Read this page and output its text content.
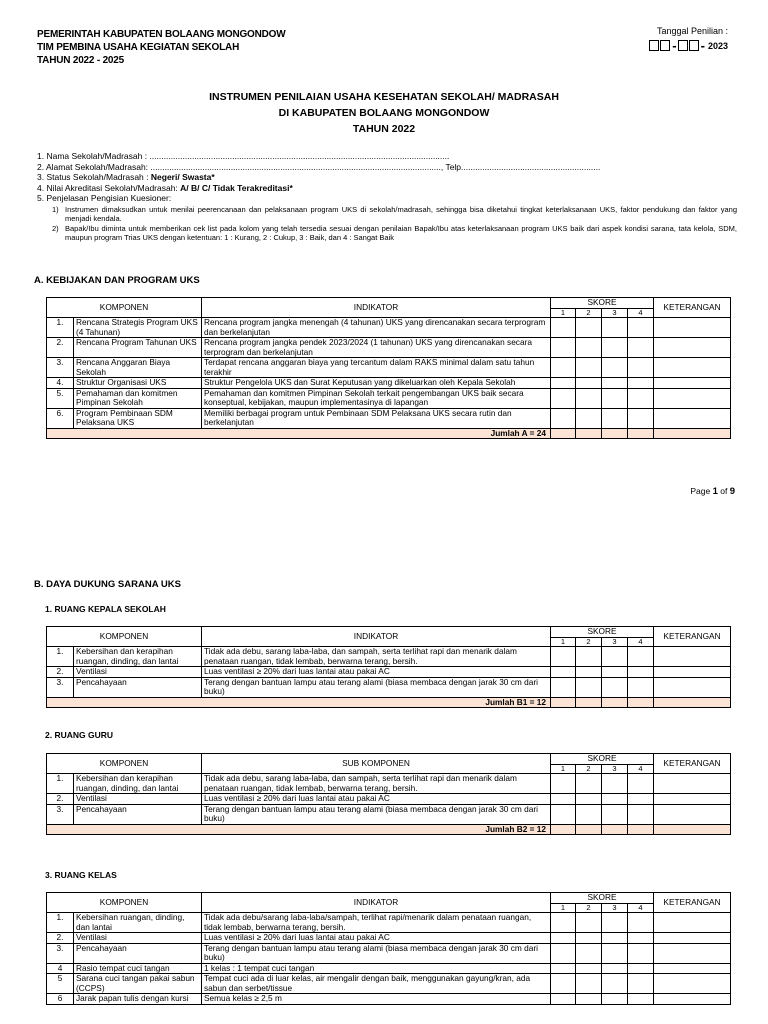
PEMERINTAH KABUPATEN BOLAANG MONGONDOW
TIM PEMBINA USAHA KEGIATAN SEKOLAH
TAHUN 2022 - 2025
Tanggal Penilian :
- - 2023
INSTRUMEN PENILAIAN USAHA KESEHATAN SEKOLAH/ MADRASAH
DI KABUPATEN BOLAANG MONGONDOW
TAHUN 2022
1. Nama Sekolah/Madrasah : ...............................................................................................................................
2. Alamat Sekolah/Madrasah: ..........................................................................................................................., Telp...........................................................
3. Status Sekolah/Madrasah : Negeri/ Swasta*
4. Nilai Akreditasi Sekolah/Madrasah: A/ B/ C/ Tidak Terakreditasi*
5. Penjelasan Pengisian Kuesioner:
1) Instrumen dimaksudkan untuk menilai peerencanaan dan pelaksanaan program UKS di sekolah/madrasah, sehingga bisa diketahui tingkat keterlaksanaan UKS, faktor pendukung dan faktor yang menjadi kendala.
2) Bapak/Ibu diminta untuk memberikan cek list pada kolom yang telah tersedia sesuai dengan penilaian Bapak/Ibu atas keterlaksanaan program UKS baik dari aspek kondisi sarana, tata kelola, SDM, maupun program Trias UKS dengan ketentuan: 1 : Kurang, 2 : Cukup, 3 : Baik, dan 4 : Sangat Baik
A. KEBIJAKAN DAN PROGRAM UKS
KOMPONEN		INDIKATOR	SKORE				KETERANGAN
			1	2	3	4	
1.	Rencana Strategis Program UKS (4 Tahunan)	Rencana program jangka menengah (4 tahunan) UKS yang direncanakan secara terprogram dan berkelanjutan					
2.	Rencana Program Tahunan UKS	Rencana program jangka pendek 2023/2024 (1 tahunan) UKS yang direncanakan secara terprogram dan berkelanjutan					
3.	Rencana Anggaran Biaya Sekolah	Terdapat rencana anggaran biaya yang tercantum dalam RAKS minimal dalam satu tahun terakhir					
4.	Struktur Organisasi UKS	Struktur Pengelola UKS dan Surat Keputusan yang dikeluarkan oleh Kepala Sekolah					
5.	Pemahaman dan komitmen Pimpinan Sekolah	Pemahaman dan komitmen Pimpinan Sekolah terkait pengembangan UKS baik secara konseptual, kebijakan, maupun implementasinya di lapangan					
6.	Program Pembinaan SDM Pelaksana UKS	Memiliki berbagai program untuk Pembinaan SDM Pelaksana UKS secara rutin dan berkelanjutan					
Jumlah A = 24							
Page 1 of 9
B. DAYA DUKUNG SARANA UKS
1. RUANG KEPALA SEKOLAH
KOMPONEN		INDIKATOR	SKORE				KETERANGAN
			1	2	3	4	
1.	Kebersihan dan kerapihan ruangan, dinding, dan lantai	Tidak ada debu, sarang laba-laba, dan sampah, serta terlihat rapi dan menarik dalam penataan ruangan, tidak lembab, berwarna terang, bersih.					
2.	Ventilasi	Luas ventilasi ≥ 20% dari luas lantai atau pakai AC					
3.	Pencahayaan	Terang dengan bantuan lampu atau terang alami (biasa membaca dengan jarak 30 cm dari buku)					
Jumlah B1 = 12							
2. RUANG GURU
KOMPONEN		SUB KOMPONEN	SKORE				KETERANGAN
			1	2	3	4	
1.	Kebersihan dan kerapihan ruangan, dinding, dan lantai	Tidak ada debu, sarang laba-laba, dan sampah, serta terlihat rapi dan menarik dalam penataan ruangan, tidak lembab, berwarna terang, bersih.					
2.	Ventilasi	Luas ventilasi ≥ 20% dari luas lantai atau pakai AC					
3.	Pencahayaan	Terang dengan bantuan lampu atau terang alami (biasa membaca dengan jarak 30 cm dari buku)					
Jumlah B2 = 12							
3. RUANG KELAS
KOMPONEN		INDIKATOR	SKORE				KETERANGAN
			1	2	3	4	
1.	Kebersihan ruangan, dinding, dan lantai	Tidak ada debu/sarang laba-laba/sampah, terlihat rapi/menarik dalam penataan ruangan, tidak lembab, berwarna terang, bersih.					
2.	Ventilasi	Luas ventilasi ≥ 20% dari luas lantai atau pakai AC					
3.	Pencahayaan	Terang dengan bantuan lampu atau terang alami (biasa membaca dengan jarak 30 cm dari buku)					
4	Rasio tempat cuci tangan	1 kelas : 1 tempat cuci tangan					
5	Sarana cuci tangan pakai sabun (CCPS)	Tempat cuci ada di luar kelas, air mengalir dengan baik, menggunakan gayung/kran, ada sabun dan serbet/tissue					
6	Jarak papan tulis dengan kursi	Semua kelas ≥ 2,5 m					
